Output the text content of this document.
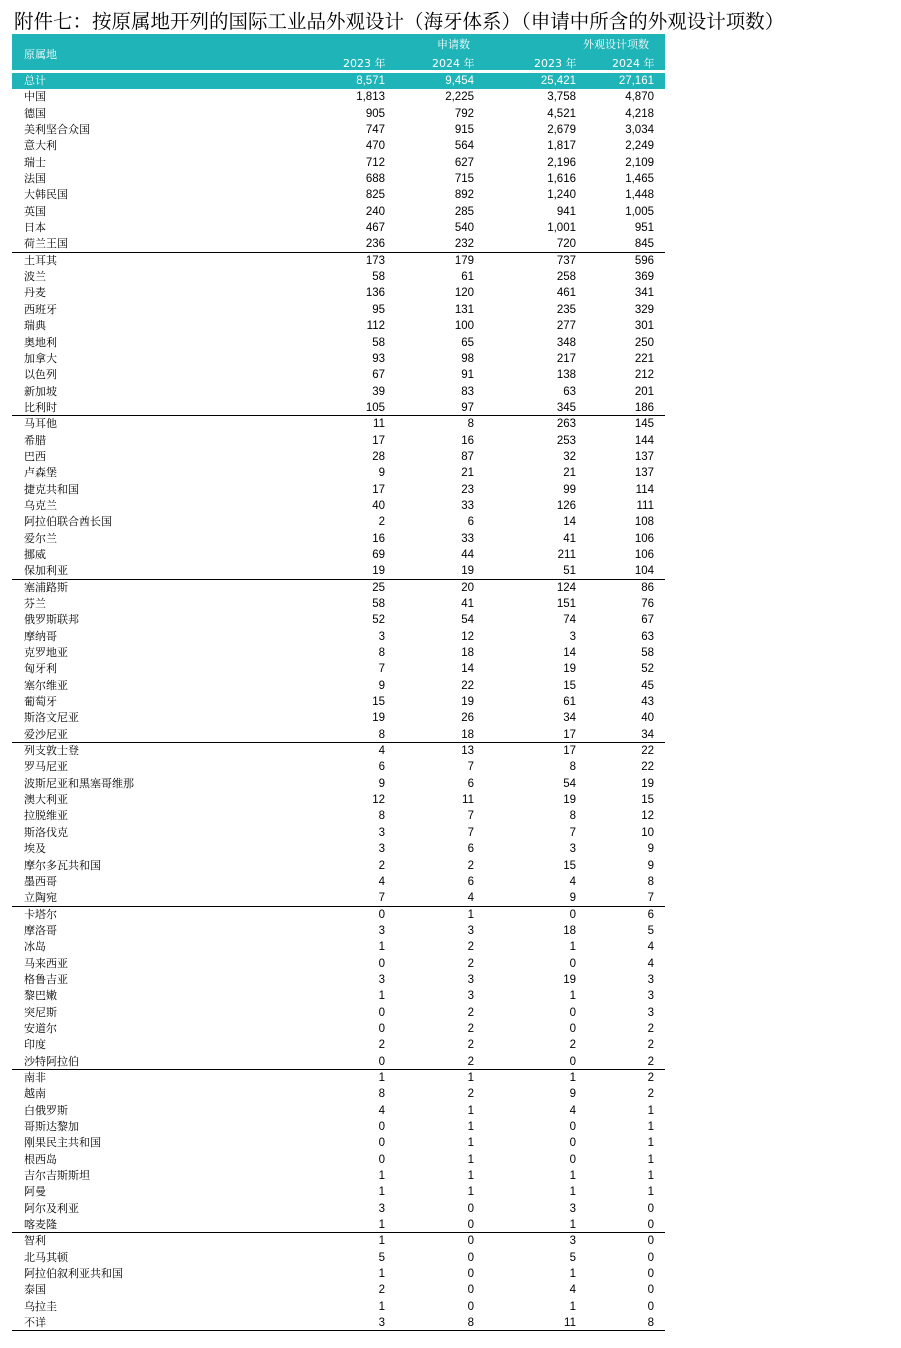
附件七：按原属地开列的国际工业品外观设计（海牙体系）（申请中所含的外观设计项数）
原属地
申请数	外观设计项数
2023 年	2024 年	2023 年	2024 年
总计	8,571	9,454	25,421	27,161
中国	1,813	2,225	3,758	4,870
德国	905	792	4,521	4,218
美利坚合众国	747	915	2,679	3,034
意大利	470	564	1,817	2,249
瑞士	712	627	2,196	2,109
法国	688	715	1,616	1,465
大韩民国	825	892	1,240	1,448
英国	240	285	941	1,005
日本	467	540	1,001	951
荷兰王国	236	232	720	845
土耳其	173	179	737	596
波兰	58	61	258	369
丹麦	136	120	461	341
西班牙	95	131	235	329
瑞典	112	100	277	301
奥地利	58	65	348	250
加拿大	93	98	217	221
以色列	67	91	138	212
新加坡	39	83	63	201
比利时	105	97	345	186
马耳他	11	8	263	145
希腊	17	16	253	144
巴西	28	87	32	137
卢森堡	9	21	21	137
捷克共和国	17	23	99	114
乌克兰	40	33	126	111
阿拉伯联合酋长国	2	6	14	108
爱尔兰	16	33	41	106
挪威	69	44	211	106
保加利亚	19	19	51	104
塞浦路斯	25	20	124	86
芬兰	58	41	151	76
俄罗斯联邦	52	54	74	67
摩纳哥	3	12	3	63
克罗地亚	8	18	14	58
匈牙利	7	14	19	52
塞尔维亚	9	22	15	45
葡萄牙	15	19	61	43
斯洛文尼亚	19	26	34	40
爱沙尼亚	8	18	17	34
列支敦士登	4	13	17	22
罗马尼亚	6	7	8	22
波斯尼亚和黑塞哥维那	9	6	54	19
澳大利亚	12	11	19	15
拉脱维亚	8	7	8	12
斯洛伐克	3	7	7	10
埃及	3	6	3	9
摩尔多瓦共和国	2	2	15	9
墨西哥	4	6	4	8
立陶宛	7	4	9	7
卡塔尔	0	1	0	6
摩洛哥	3	3	18	5
冰岛	1	2	1	4
马来西亚	0	2	0	4
格鲁吉亚	3	3	19	3
黎巴嫩	1	3	1	3
突尼斯	0	2	0	3
安道尔	0	2	0	2
印度	2	2	2	2
沙特阿拉伯	0	2	0	2
南非	1	1	1	2
越南	8	2	9	2
白俄罗斯	4	1	4	1
哥斯达黎加	0	1	0	1
刚果民主共和国	0	1	0	1
根西岛	0	1	0	1
吉尔吉斯斯坦	1	1	1	1
阿曼	1	1	1	1
阿尔及利亚	3	0	3	0
喀麦隆	1	0	1	0
智利	1	0	3	0
北马其顿	5	0	5	0
阿拉伯叙利亚共和国	1	0	1	0
泰国	2	0	4	0
乌拉圭	1	0	1	0
不详	3	8	11	8
